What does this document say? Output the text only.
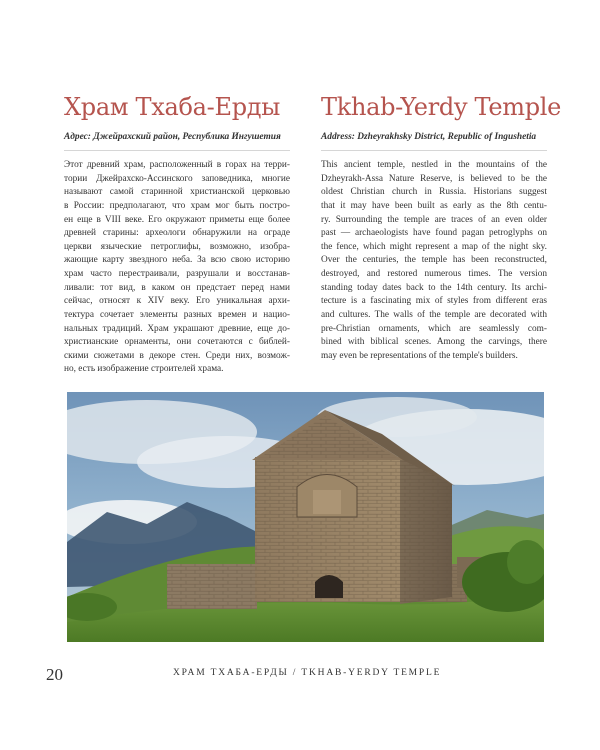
Храм Тхаба-Ерды
Адрес: Джейрахский район, Республика Ингушетия

Этот древний храм, расположенный в горах на терри-
тории Джейрахско-Ассинского заповедника, многие
называют самой старинной христианской церковью
в России: предполагают, что храм мог быть постро-
ен еще в VIII веке. Его окружают приметы еще более
древней старины: археологи обнаружили на ограде
церкви языческие петроглифы, возможно, изобра-
жающие карту звездного неба. За всю свою историю
храм часто перестраивали, разрушали и восстанав-
ливали: тот вид, в каком он предстает перед нами
сейчас, относят к XIV веку. Его уникальная архи-
тектура сочетает элементы разных времен и нацио-
нальных традиций. Храм украшают древние, еще до-
христианские орнаменты, они сочетаются с библей-
скими сюжетами в декоре стен. Среди них, возмож-
но, есть изображение строителей храма.

Tkhab-Yerdy Temple
Address: Dzheyrakhsky District, Republic of Ingushetia

This ancient temple, nestled in the mountains of the
Dzheyrakh-Assa Nature Reserve, is believed to be the
oldest Christian church in Russia. Historians suggest
that it may have been built as early as the 8th centu-
ry. Surrounding the temple are traces of an even older
past — archaeologists have found pagan petroglyphs on
the fence, which might represent a map of the night sky.
Over the centuries, the temple has been reconstructed,
destroyed, and restored numerous times. The version
standing today dates back to the 14th century. Its archi-
tecture is a fascinating mix of styles from different eras
and cultures. The walls of the temple are decorated with
pre-Christian ornaments, which are seamlessly com-
bined with biblical scenes. Among the carvings, there
may even be representations of the temple's builders.

20	ХРАМ ТХАБА-ЕРДЫ / TKHAB-YERDY TEMPLE
